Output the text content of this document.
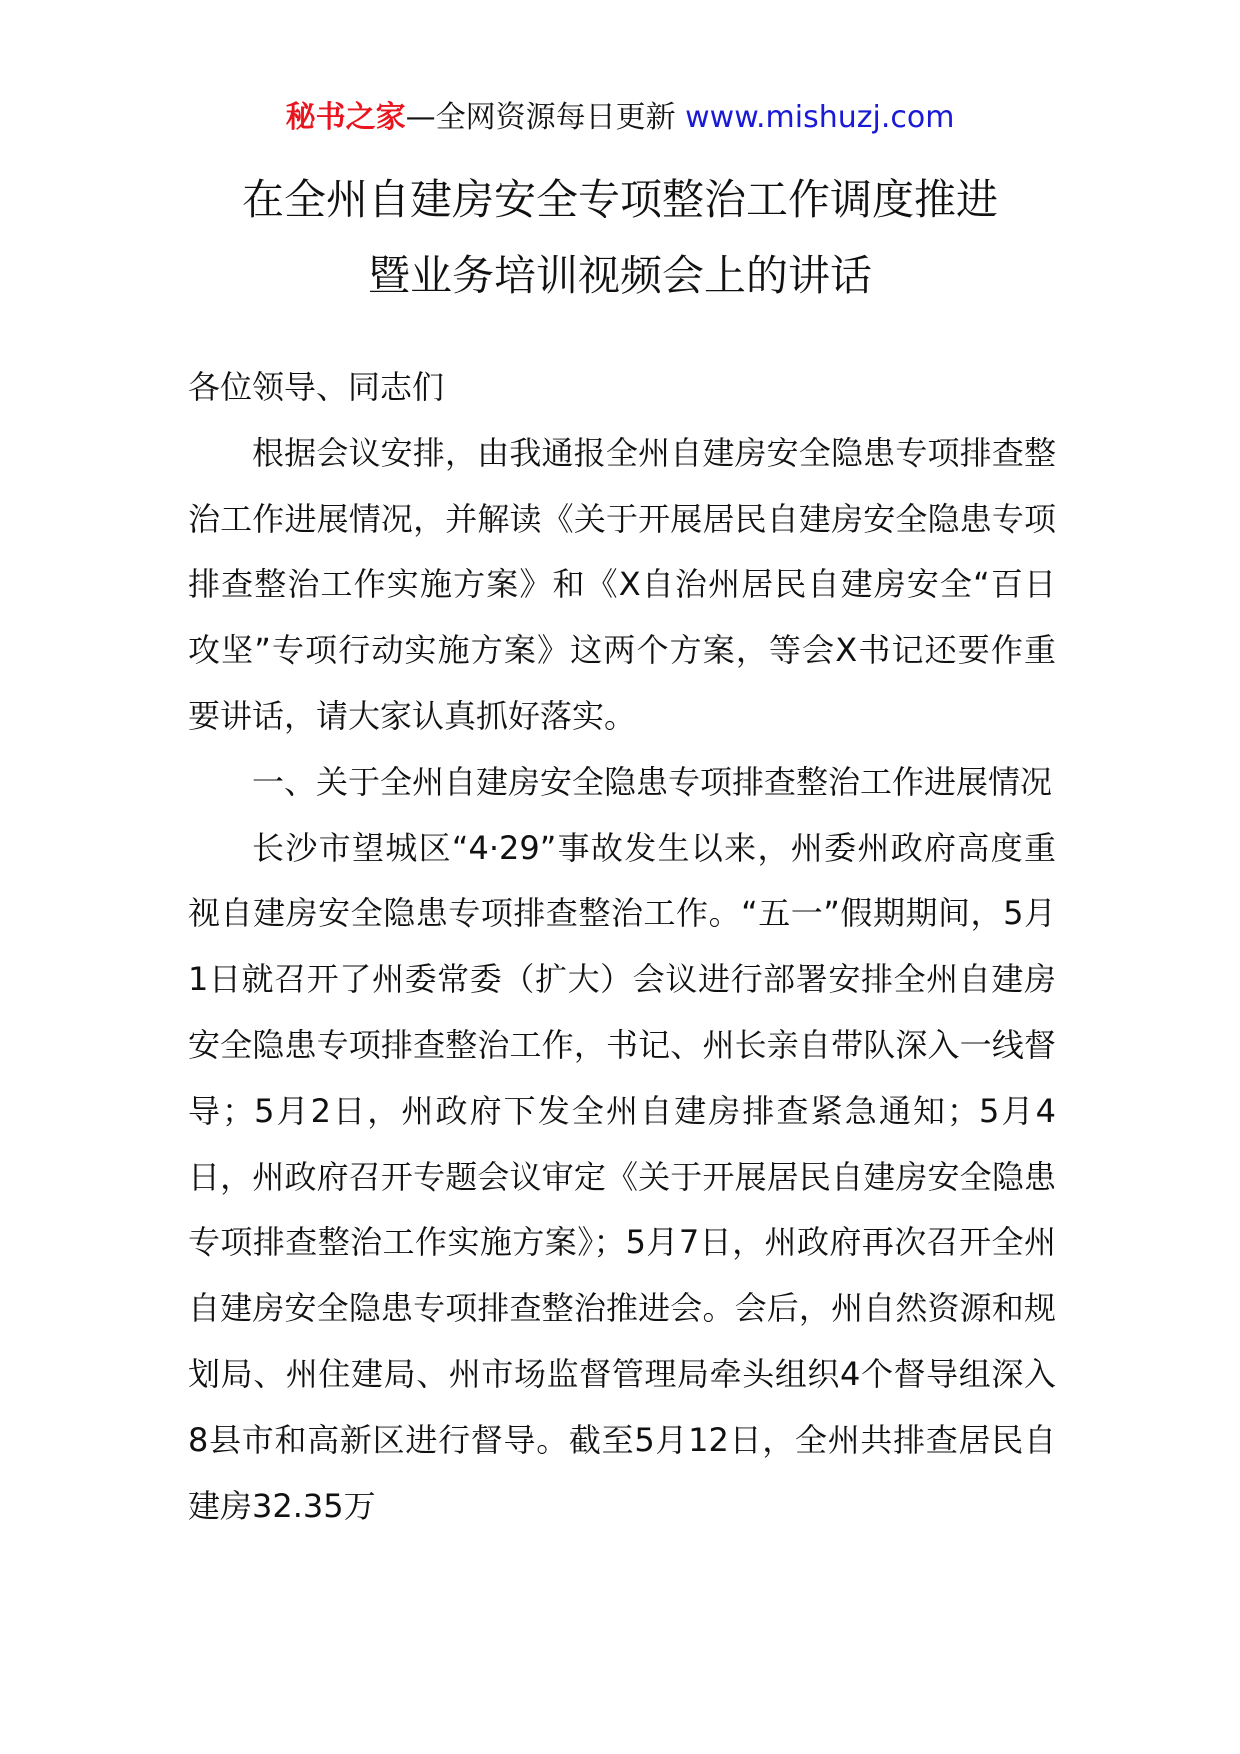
秘书之家—全网资源每日更新 www.mishuzj.com
在全州自建房安全专项整治工作调度推进
暨业务培训视频会上的讲话

各位领导、同志们

根据会议安排，由我通报全州自建房安全隐患专项排查整治工作进展情况，并解读《关于开展居民自建房安全隐患专项排查整治工作实施方案》和《X自治州居民自建房安全“百日攻坚”专项行动实施方案》这两个方案，等会X书记还要作重要讲话，请大家认真抓好落实。

一、关于全州自建房安全隐患专项排查整治工作进展情况

长沙市望城区“4·29”事故发生以来，州委州政府高度重视自建房安全隐患专项排查整治工作。“五一”假期期间，5月1日就召开了州委常委（扩大）会议进行部署安排全州自建房安全隐患专项排查整治工作，书记、州长亲自带队深入一线督导；5月2日，州政府下发全州自建房排查紧急通知；5月4日，州政府召开专题会议审定《关于开展居民自建房安全隐患专项排查整治工作实施方案》；5月7日，州政府再次召开全州自建房安全隐患专项排查整治推进会。会后，州自然资源和规划局、州住建局、州市场监督管理局牵头组织4个督导组深入8县市和高新区进行督导。截至5月12日，全州共排查居民自建房32.35万
